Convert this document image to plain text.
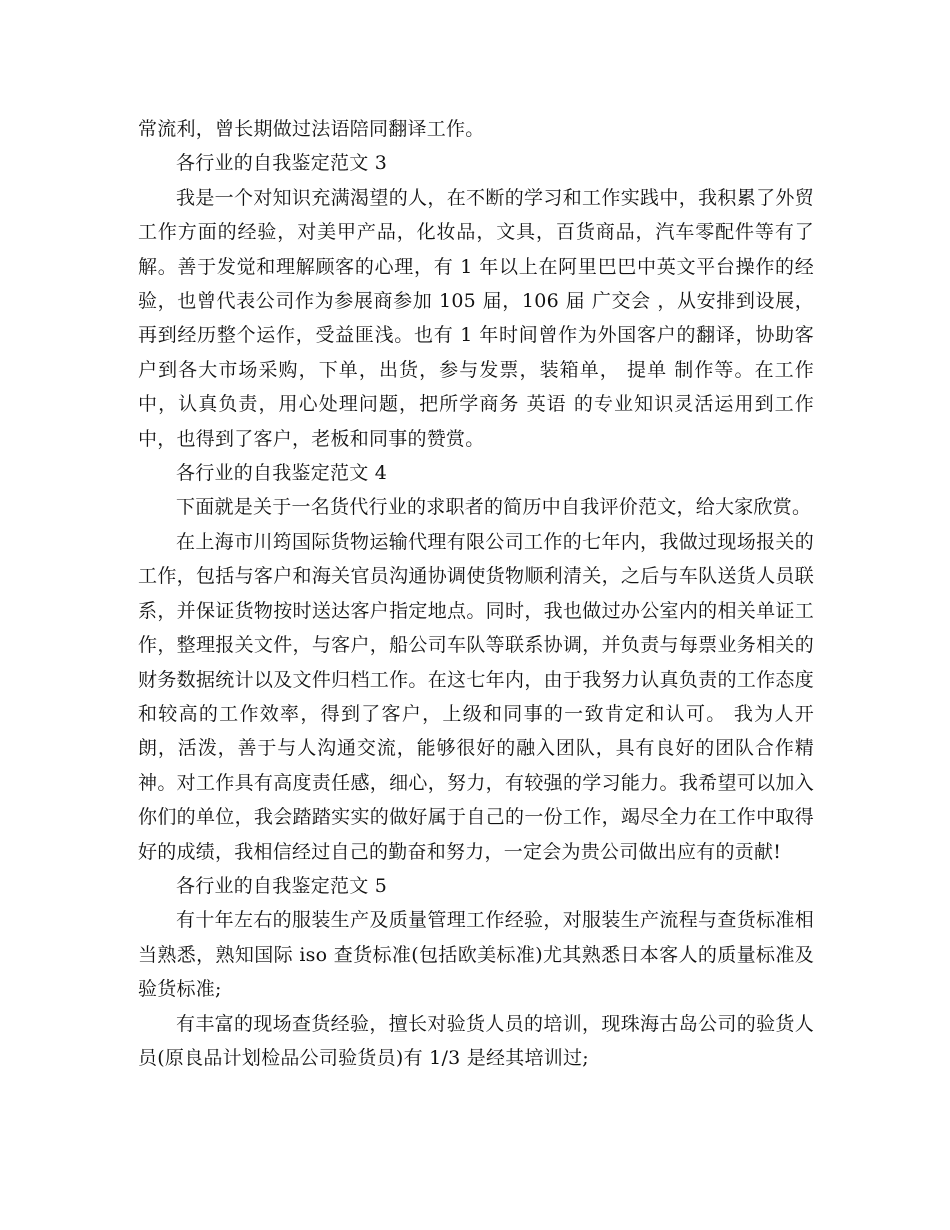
常流利，曾长期做过法语陪同翻译工作。

各行业的自我鉴定范文 3

我是一个对知识充满渴望的人，在不断的学习和工作实践中，我积累了外贸工作方面的经验，对美甲产品，化妆品，文具，百货商品，汽车零配件等有了解。善于发觉和理解顾客的心理，有 1 年以上在阿里巴巴中英文平台操作的经验，也曾代表公司作为参展商参加 105 届，106 届 广交会 ，从安排到设展，再到经历整个运作，受益匪浅。也有 1 年时间曾作为外国客户的翻译，协助客户到各大市场采购，下单，出货，参与发票，装箱单， 提单 制作等。在工作中，认真负责，用心处理问题，把所学商务 英语 的专业知识灵活运用到工作中，也得到了客户，老板和同事的赞赏。

各行业的自我鉴定范文 4

下面就是关于一名货代行业的求职者的简历中自我评价范文，给大家欣赏。

在上海市川筠国际货物运输代理有限公司工作的七年内，我做过现场报关的工作，包括与客户和海关官员沟通协调使货物顺利清关，之后与车队送货人员联系，并保证货物按时送达客户指定地点。同时，我也做过办公室内的相关单证工作，整理报关文件，与客户，船公司车队等联系协调，并负责与每票业务相关的财务数据统计以及文件归档工作。在这七年内，由于我努力认真负责的工作态度和较高的工作效率，得到了客户，上级和同事的一致肯定和认可。 我为人开朗，活泼，善于与人沟通交流，能够很好的融入团队，具有良好的团队合作精神。对工作具有高度责任感，细心，努力，有较强的学习能力。我希望可以加入你们的单位，我会踏踏实实的做好属于自己的一份工作，竭尽全力在工作中取得好的成绩，我相信经过自己的勤奋和努力，一定会为贵公司做出应有的贡献!

各行业的自我鉴定范文 5

有十年左右的服装生产及质量管理工作经验，对服装生产流程与查货标准相当熟悉，熟知国际 iso 查货标准(包括欧美标准)尤其熟悉日本客人的质量标准及验货标准;

有丰富的现场查货经验，擅长对验货人员的培训，现珠海古岛公司的验货人员(原良品计划检品公司验货员)有 1/3 是经其培训过;
